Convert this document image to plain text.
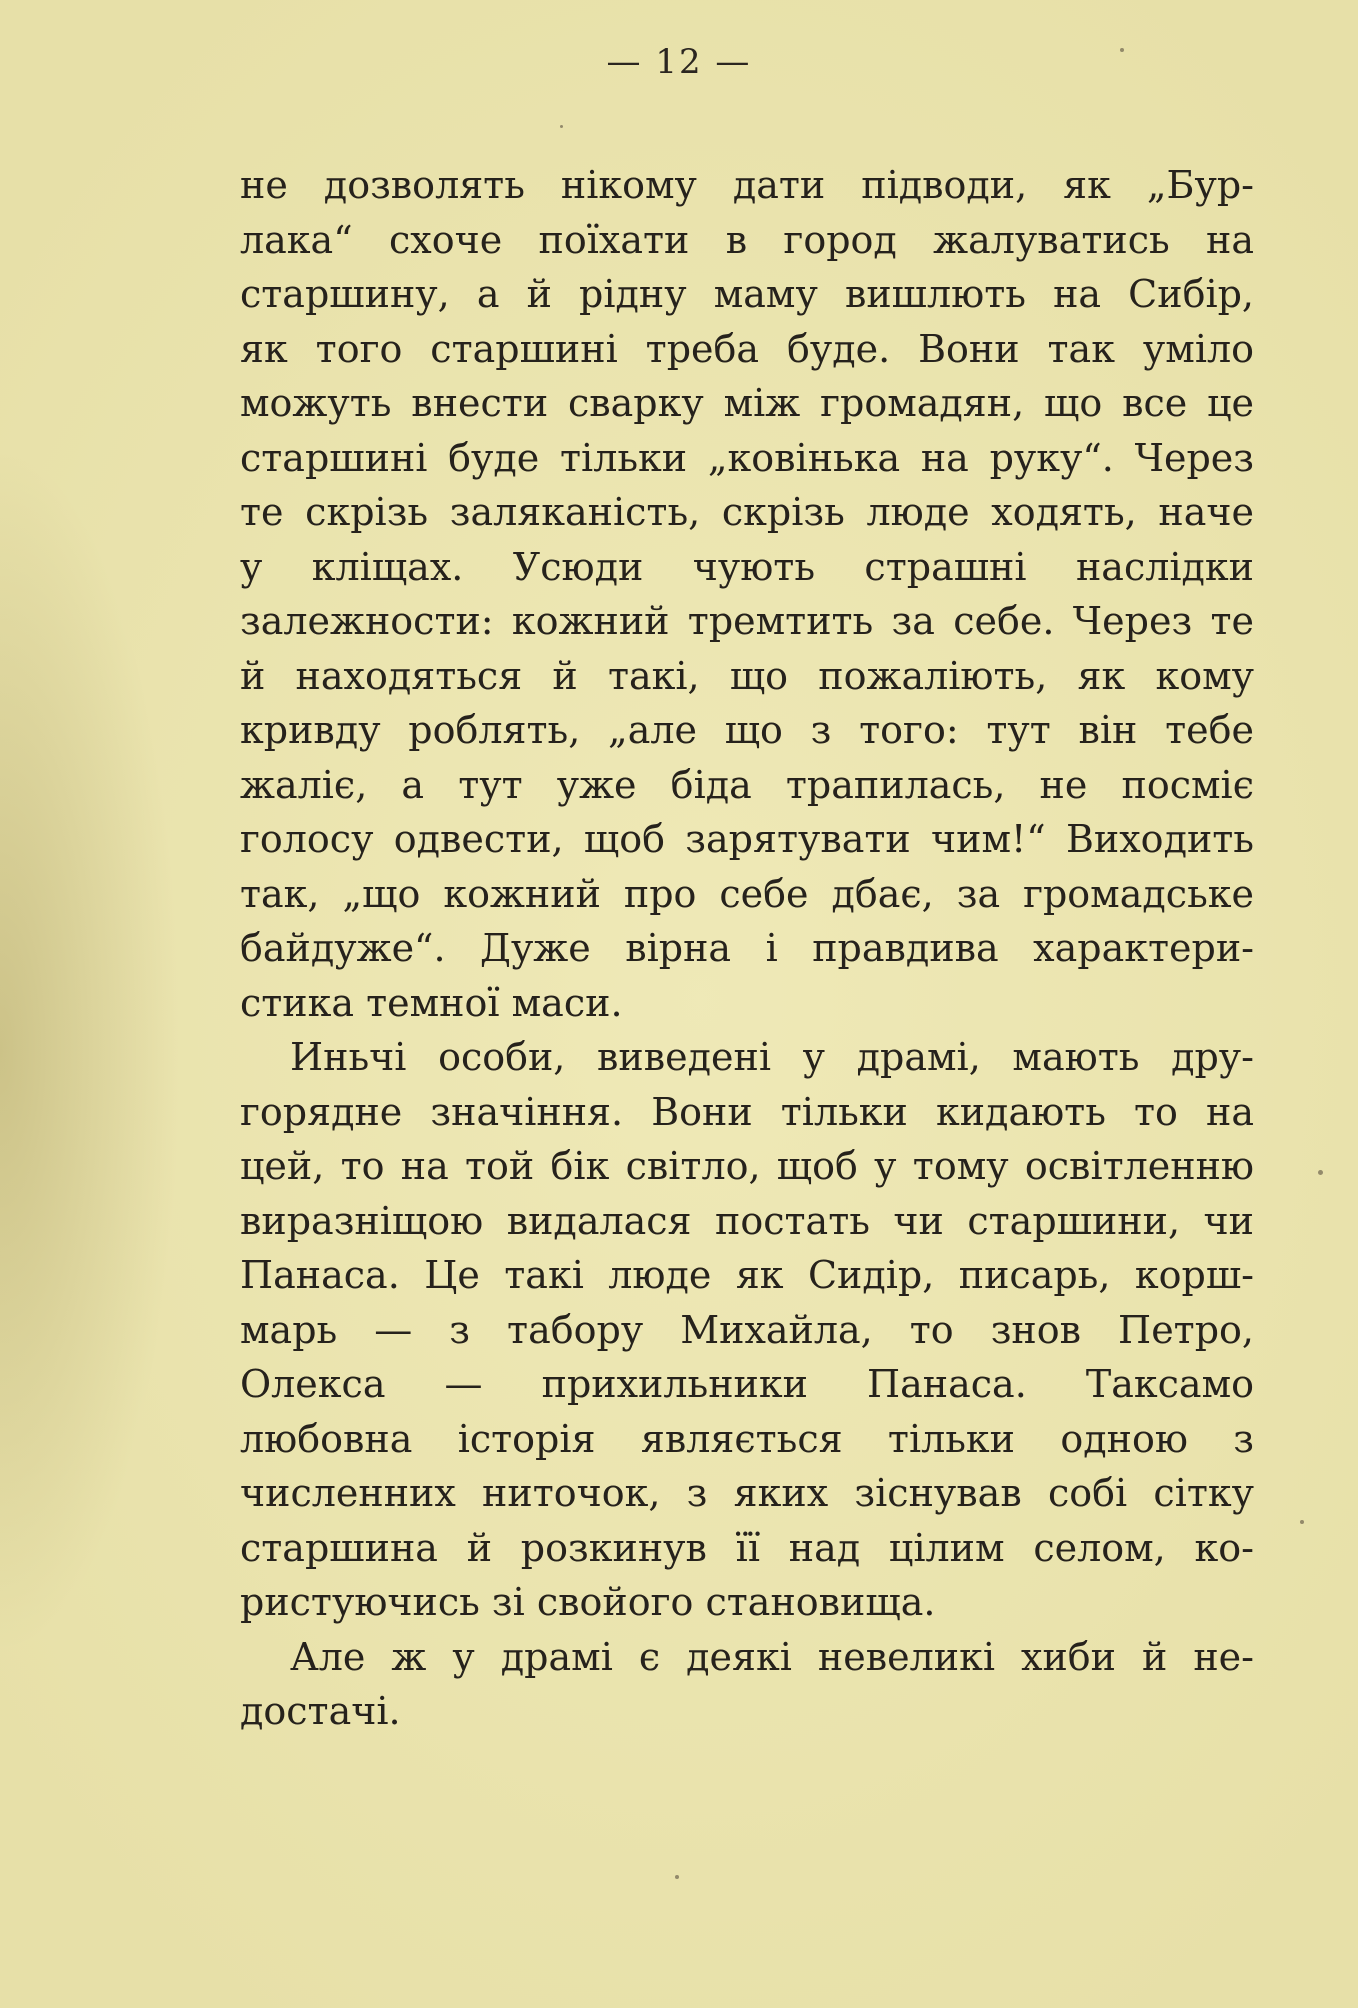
— 12 —
не дозволять нікому дати підводи, як „Бур-
лака“ схоче поїхати в город жалуватись на
старшину, а й рідну маму вишлють на Сибір,
як того старшині треба буде. Вони так уміло
можуть внести сварку між громадян, що все це
старшині буде тільки „ковінька на руку“. Через
те скрізь заляканість, скрізь люде ходять, наче
у кліщах. Усюди чують страшні наслідки
залежности: кожний тремтить за себе. Через те
й находяться й такі, що пожаліють, як кому
кривду роблять, „але що з того: тут він тебе
жаліє, а тут уже біда трапилась, не посміє
голосу одвести, щоб зарятувати чим!“ Виходить
так, „що кожний про себе дбає, за громадське
байдуже“. Дуже вірна і правдива характери-
стика темної маси.
Иньчі особи, виведені у драмі, мають дру-
горядне значіння. Вони тільки кидають то на
цей, то на той бік світло, щоб у тому освітленню
виразніщою видалася постать чи старшини, чи
Панаса. Це такі люде як Сидір, писарь, корш-
марь — з табору Михайла, то знов Петро,
Олекса — прихильники Панаса. Таксамо
любовна історія являється тільки одною з
численних ниточок, з яких зіснував собі сітку
старшина й розкинув її над цілим селом, ко-
ристуючись зі свойого становища.
Але ж у драмі є деякі невеликі хиби й не-
достачі.
